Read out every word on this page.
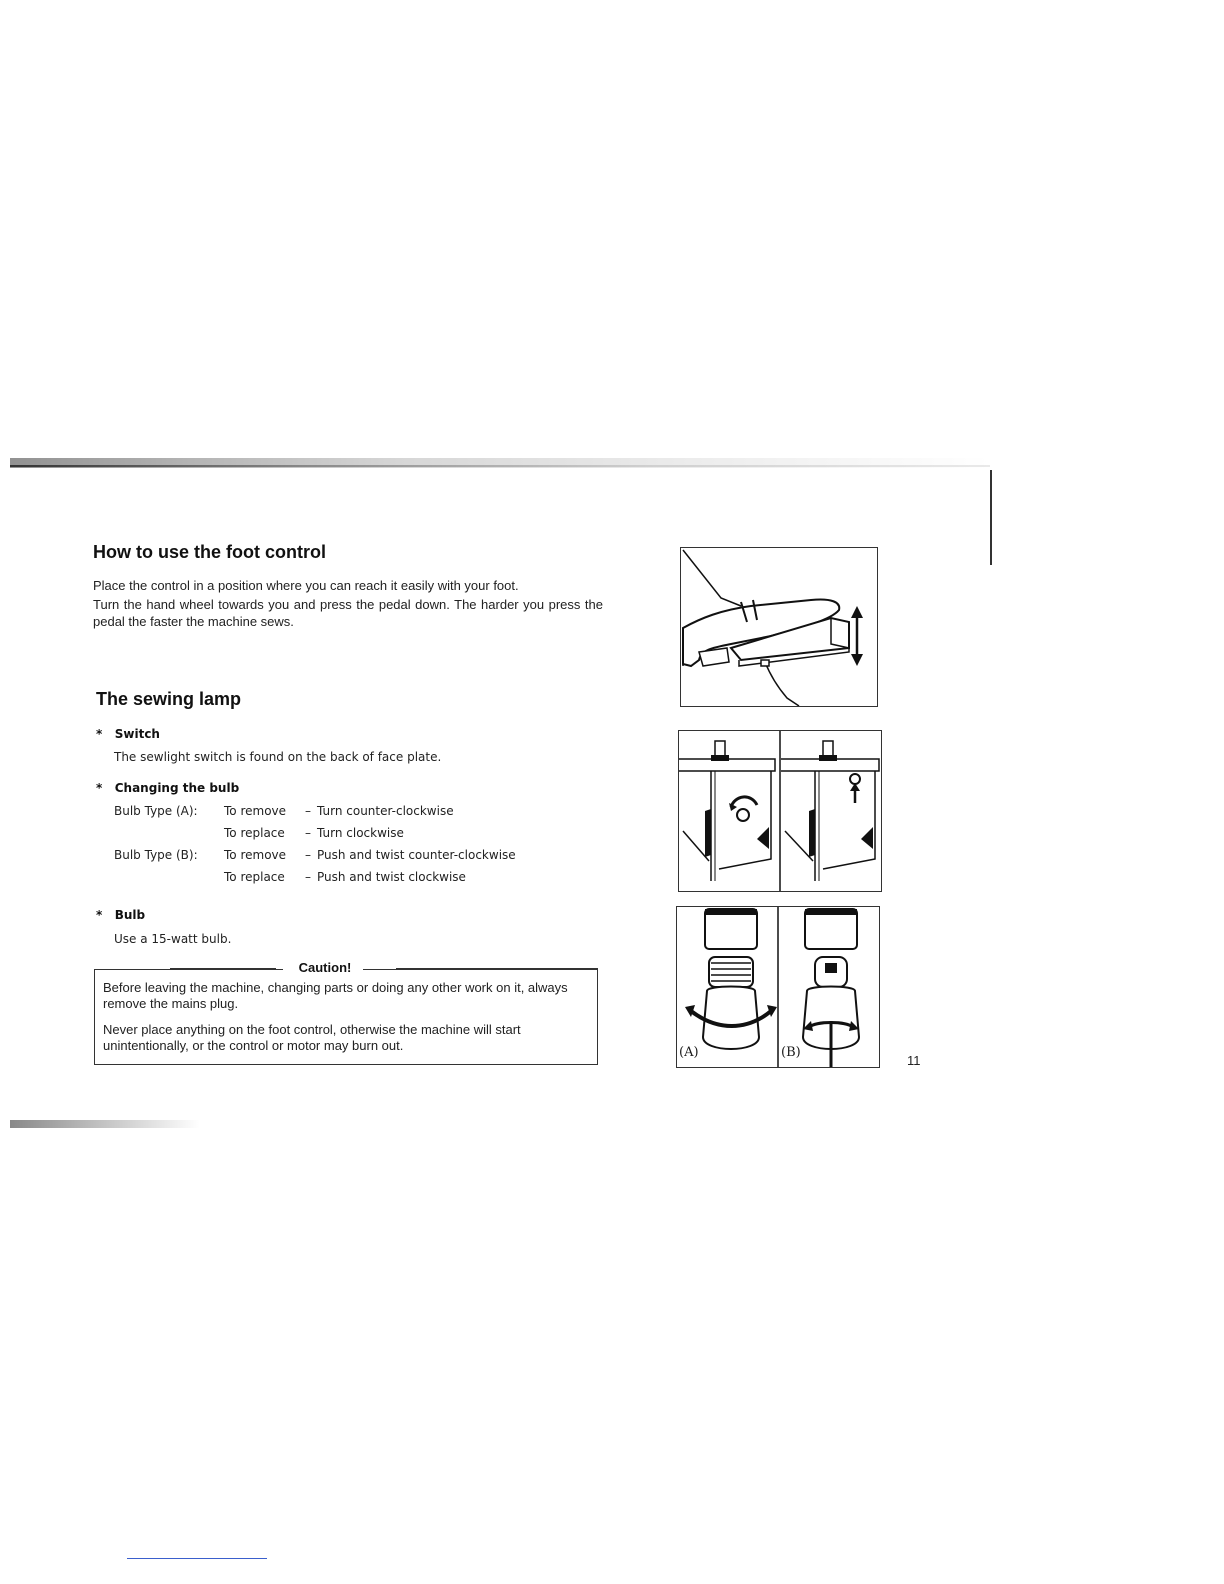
How to use the foot control

Place the control in a position where you can reach it easily with your foot.

Turn the hand wheel towards you and press the pedal down. The harder you press the pedal the faster the machine sews.

The sewing lamp
* Switch
The sewlight switch is found on the back of face plate.
* Changing the bulb
Bulb Type (A):	To remove	–	Turn counter-clockwise
	To replace	–	Turn clockwise
Bulb Type (B):	To remove	–	Push and twist counter-clockwise
	To replace	–	Push and twist clockwise
* Bulb
Use a 15-watt bulb.

Before leaving the machine, changing parts or doing any other work on it, always remove the mains plug.

Never place anything on the foot control, otherwise the machine will start unintentionally, or the control or motor may burn out.

Caution!
(A)	(B)
11
